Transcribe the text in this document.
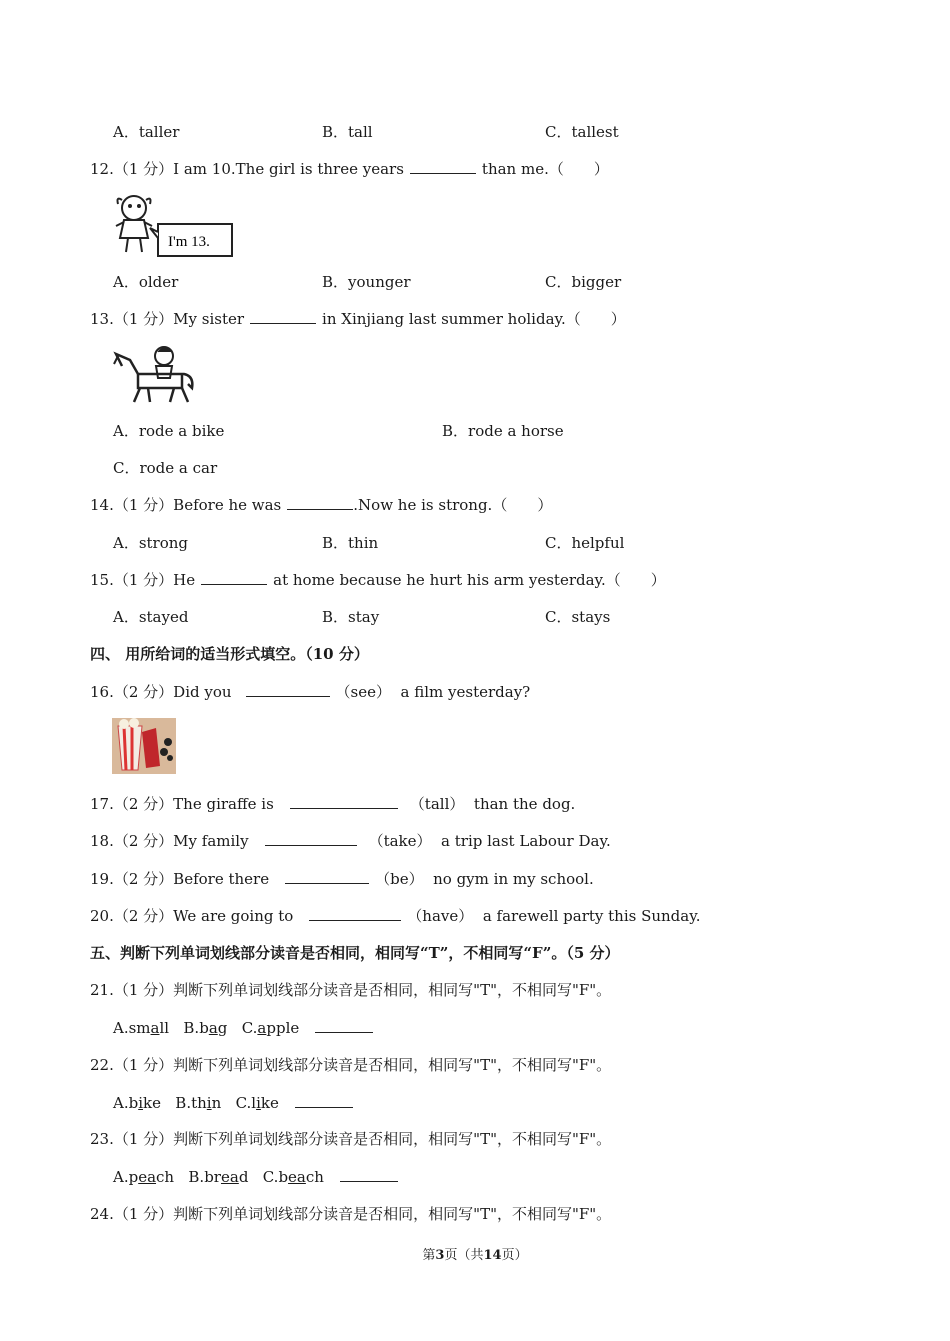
A．taller	B．tall	C．tallest
12.（1 分）I am 10.The girl is three years	than me.（　　）
I'm 13.
A．older	B．younger	C．bigger
13.（1 分）My sister	in Xinjiang last summer holiday.（　　）
A．rode a bike	B．rode a horse
C．rode a car
14.（1 分）Before he was	.Now he is strong.（　　）
A．strong	B．thin	C．helpful
15.（1 分）He	at home because he hurt his arm yesterday.（　　）
A．stayed	B．stay	C．stays
四、 用所给词的适当形式填空。（10 分）
16.（2 分）Did you	（see） a film yesterday?
17.（2 分）The giraffe is	（tall） than the dog.
18.（2 分）My family	（take） a trip last Labour Day.
19.（2 分）Before there	（be） no gym in my school.
20.（2 分）We are going to	（have） a farewell party this Sunday.
五、判断下列单词划线部分读音是否相同，相同写“T”，不相同写“F”。（5 分）
21.（1 分）判断下列单词划线部分读音是否相同，相同写"T"，不相同写"F"。
A.small B.bag C.apple
22.（1 分）判断下列单词划线部分读音是否相同，相同写"T"，不相同写"F"。
A.bike B.thin C.like
23.（1 分）判断下列单词划线部分读音是否相同，相同写"T"，不相同写"F"。
A.peach B.bread C.beach
24.（1 分）判断下列单词划线部分读音是否相同，相同写"T"，不相同写"F"。
第3页（共14页）
